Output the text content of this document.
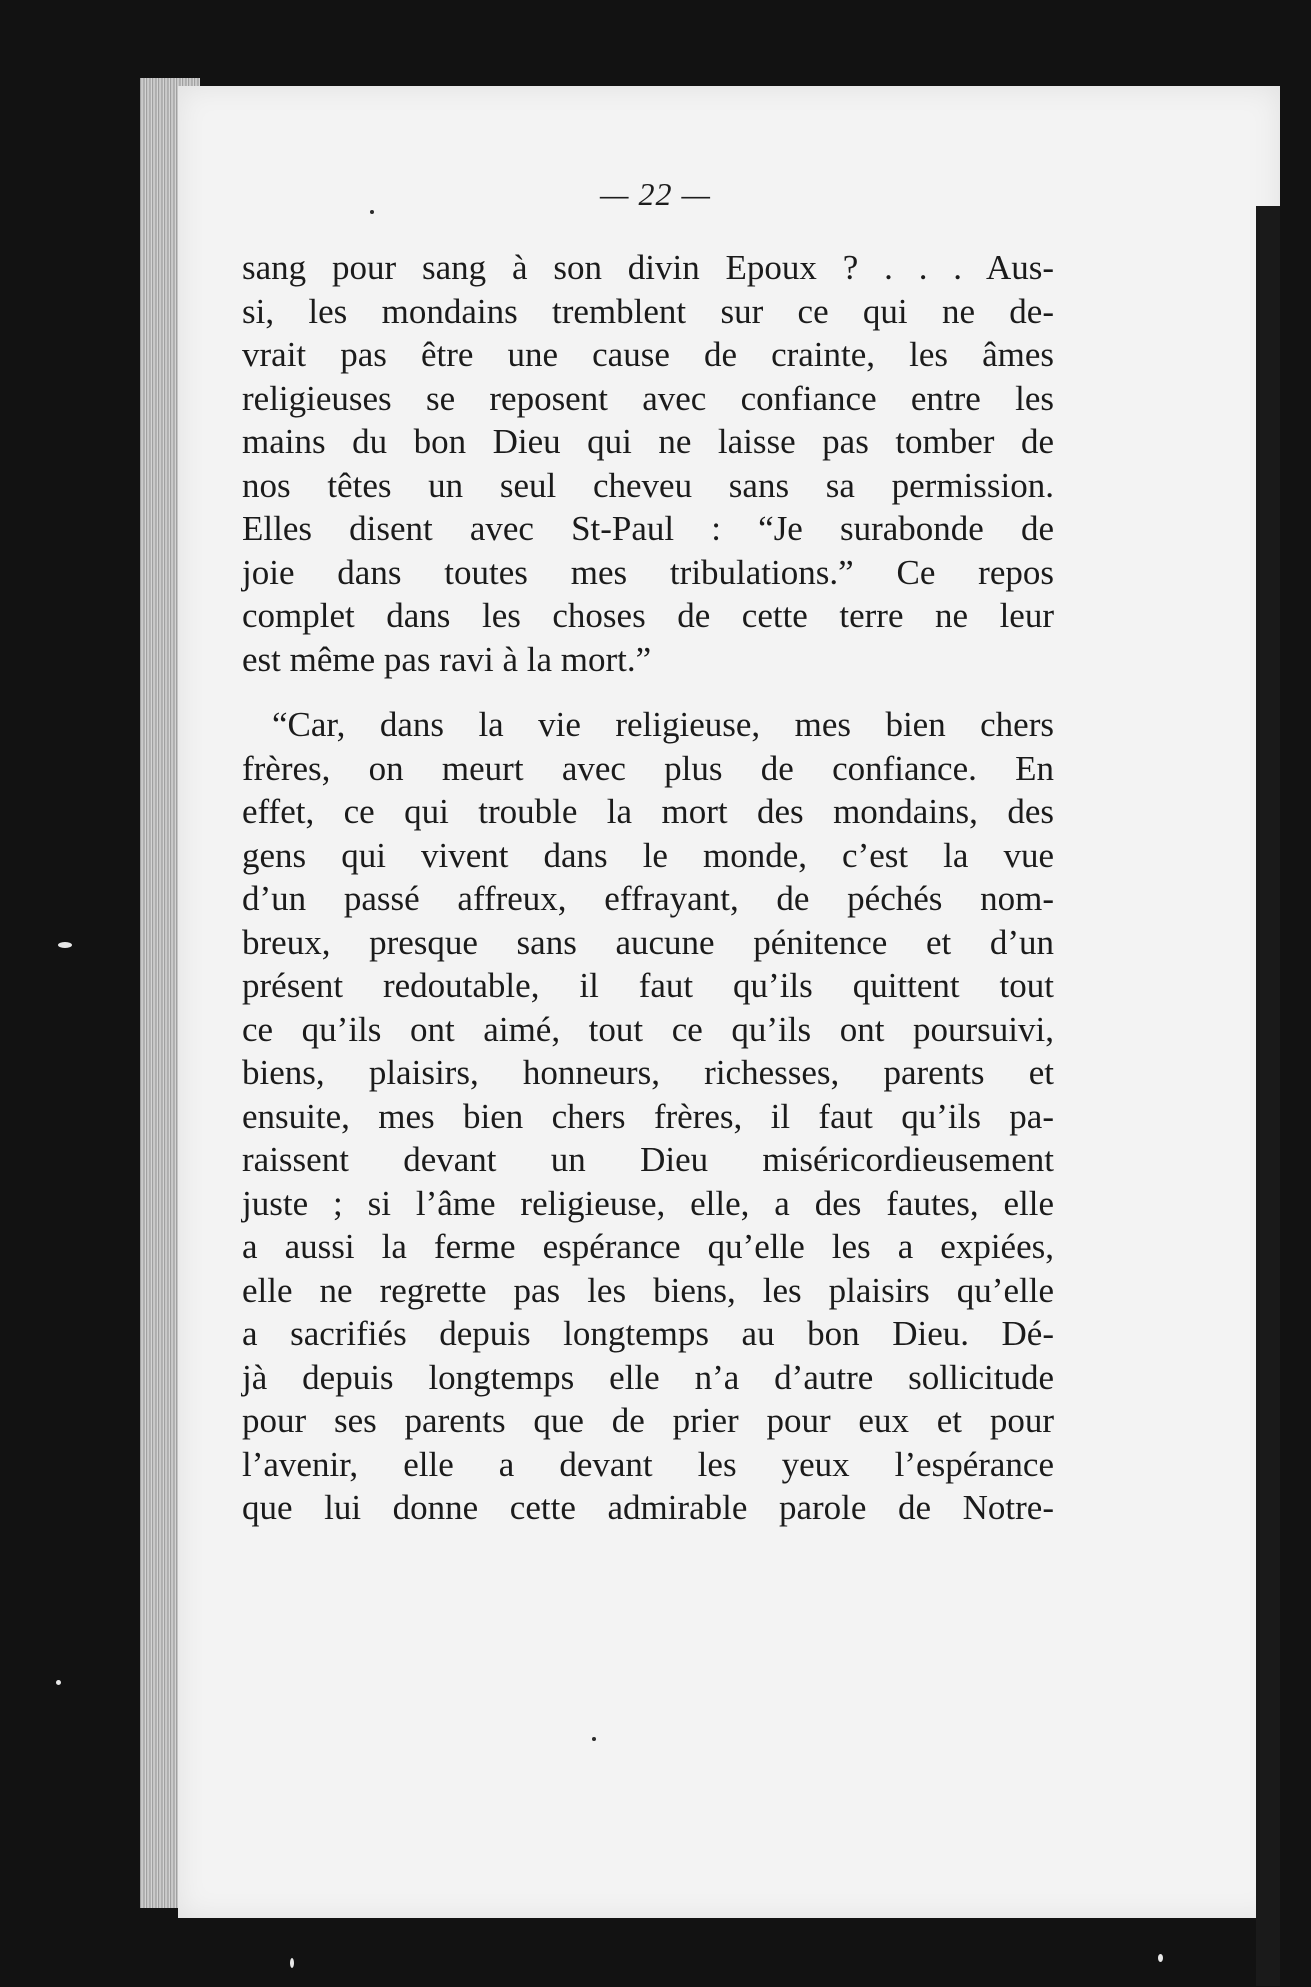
— 22 —

sang pour sang à son divin Epoux ? . . . Aus-
si, les mondains tremblent sur ce qui ne de-
vrait pas être une cause de crainte, les âmes
religieuses se reposent avec confiance entre les
mains du bon Dieu qui ne laisse pas tomber de
nos têtes un seul cheveu sans sa permission.
Elles disent avec St-Paul : “Je surabonde de
joie dans toutes mes tribulations.” Ce repos
complet dans les choses de cette terre ne leur
est même pas ravi à la mort.”

“Car, dans la vie religieuse, mes bien chers
frères, on meurt avec plus de confiance. En
effet, ce qui trouble la mort des mondains, des
gens qui vivent dans le monde, c’est la vue
d’un passé affreux, effrayant, de péchés nom-
breux, presque sans aucune pénitence et d’un
présent redoutable, il faut qu’ils quittent tout
ce qu’ils ont aimé, tout ce qu’ils ont poursuivi,
biens, plaisirs, honneurs, richesses, parents et
ensuite, mes bien chers frères, il faut qu’ils pa-
raissent devant un Dieu miséricordieusement
juste ; si l’âme religieuse, elle, a des fautes, elle
a aussi la ferme espérance qu’elle les a expiées,
elle ne regrette pas les biens, les plaisirs qu’elle
a sacrifiés depuis longtemps au bon Dieu. Dé-
jà depuis longtemps elle n’a d’autre sollicitude
pour ses parents que de prier pour eux et pour
l’avenir, elle a devant les yeux l’espérance
que lui donne cette admirable parole de Notre-
